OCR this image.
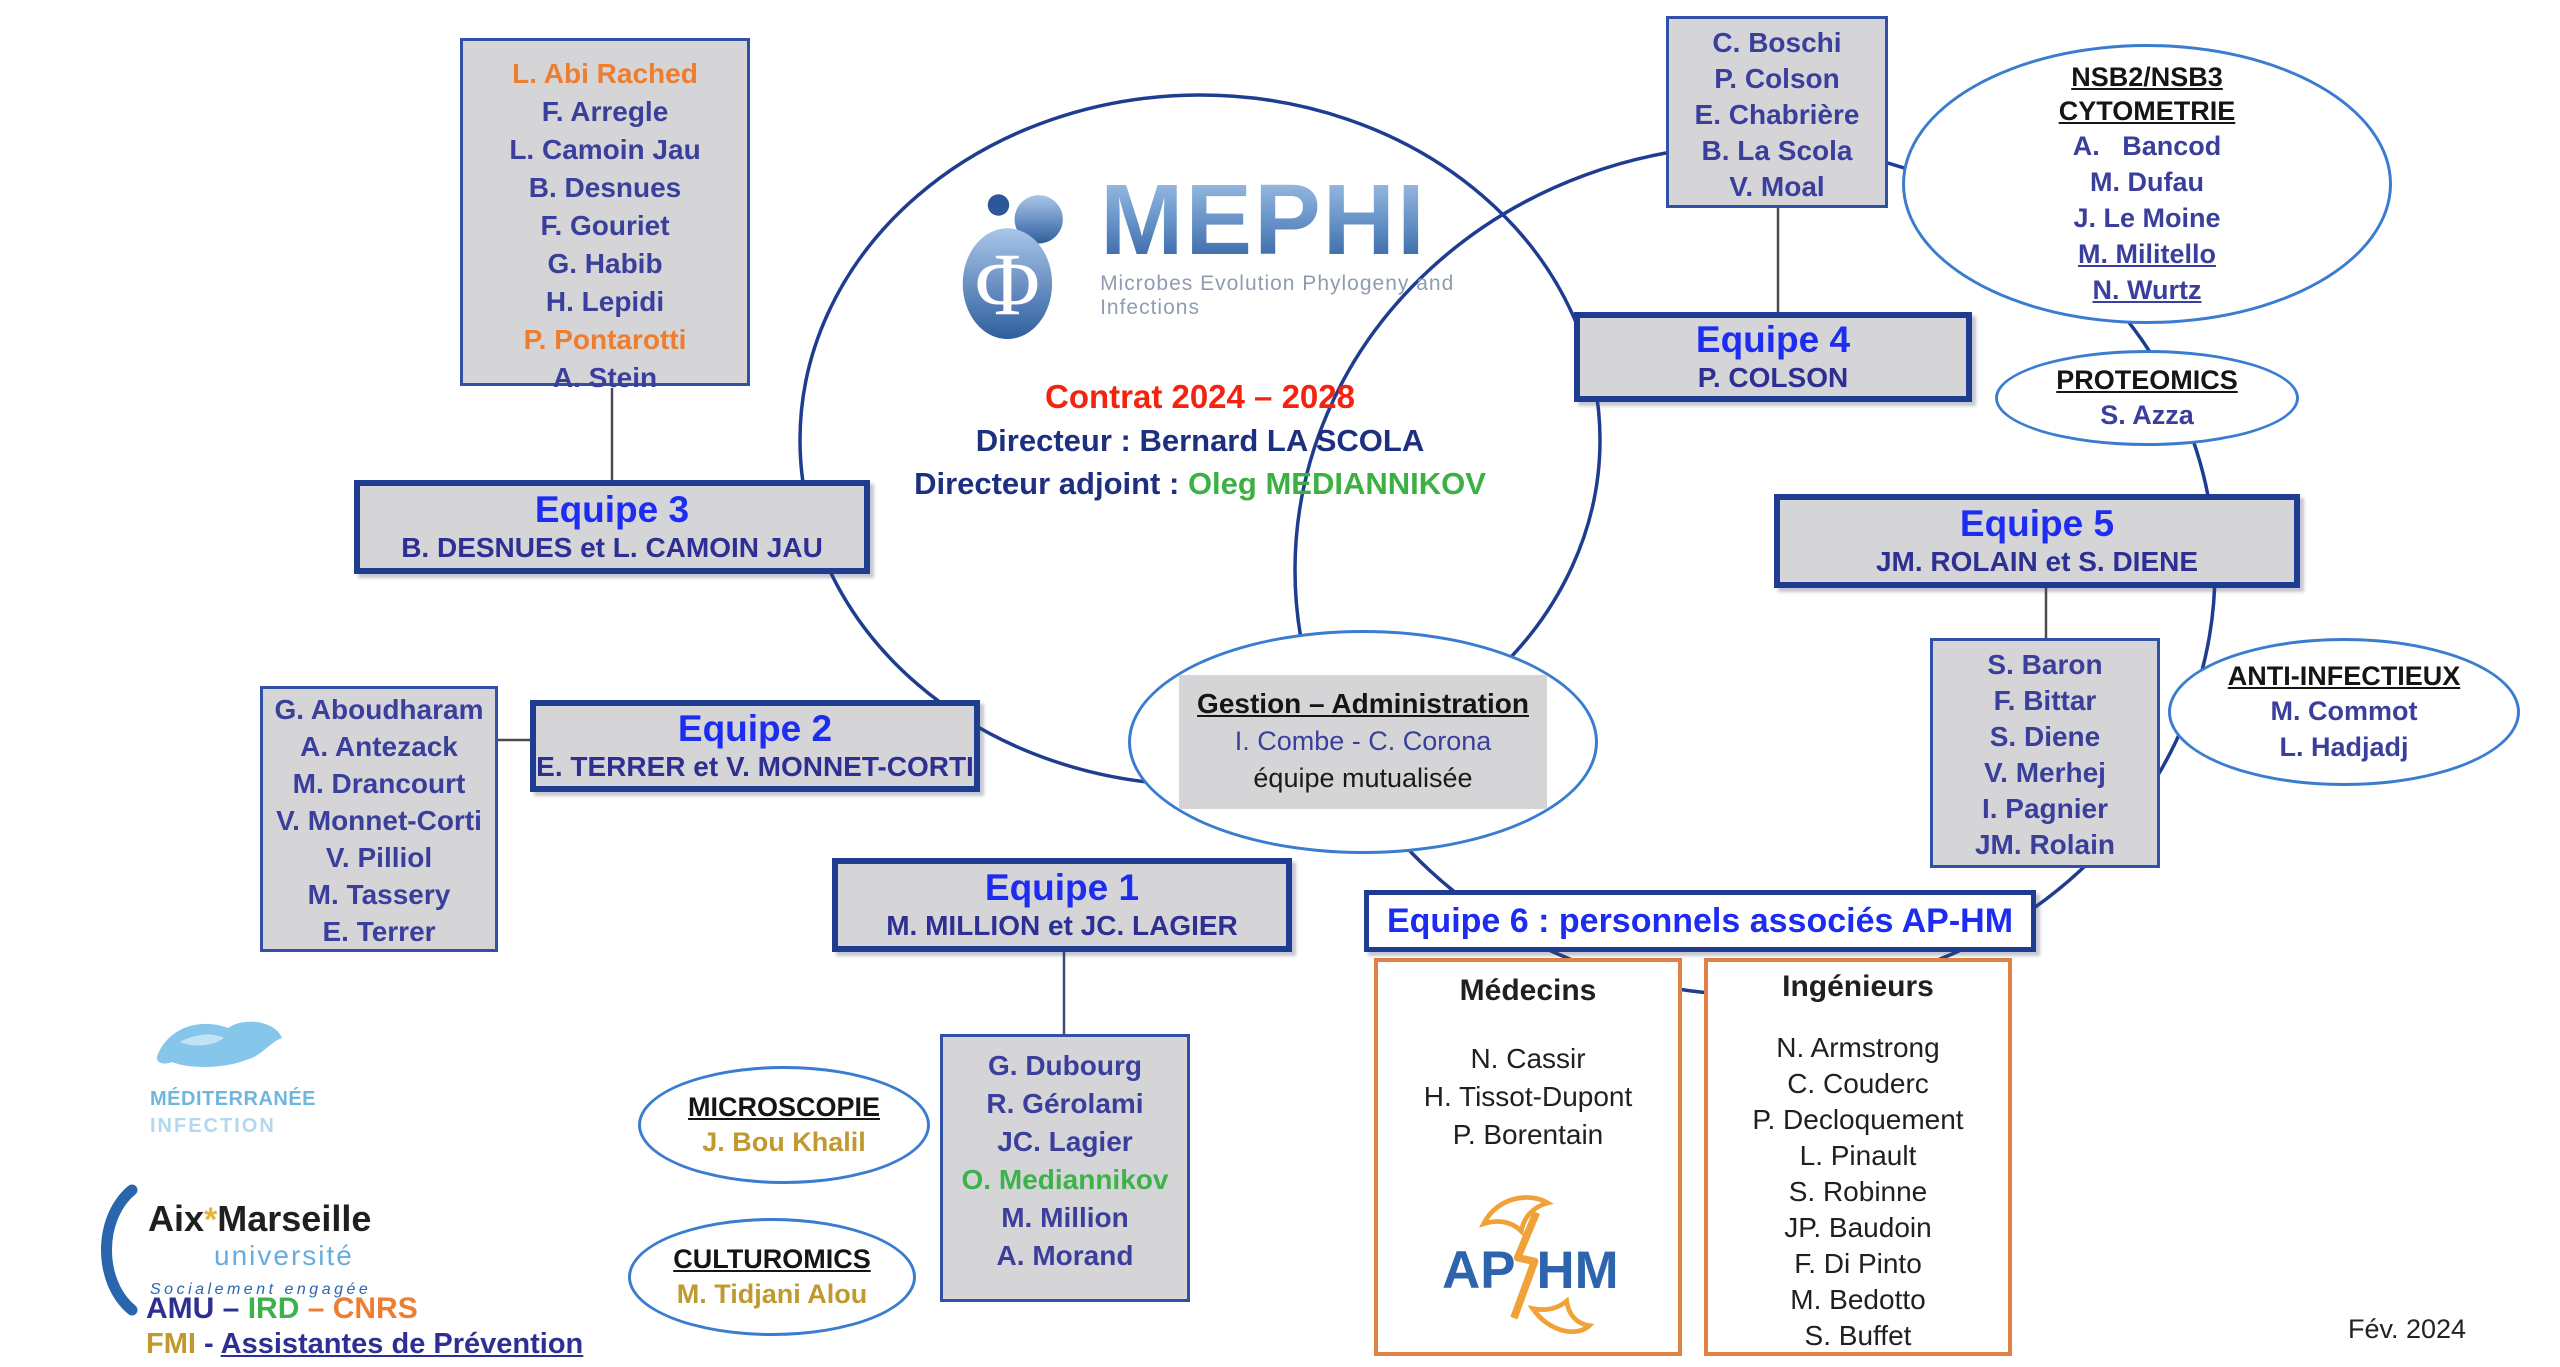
Φ
MEPHI
Microbes Evolution Phylogeny and Infections
Contrat 2024 – 2028
Directeur : Bernard LA SCOLA
Directeur adjoint : Oleg MEDIANNIKOV
L. Abi Rached
F. Arregle
L. Camoin Jau
B. Desnues
F. Gouriet
G. Habib
H. Lepidi
P. Pontarotti
A. Stein
C. Boschi
P. Colson
E. Chabrière
B. La Scola
V. Moal
G. Aboudharam
A. Antezack
M. Drancourt
V. Monnet-Corti
V. Pilliol
M. Tassery
E. Terrer
S. Baron
F. Bittar
S. Diene
V. Merhej
I. Pagnier
JM. Rolain
G. Dubourg
R. Gérolami
JC. Lagier
O. Mediannikov
M. Million
A. Morand
Equipe 3
B. DESNUES et L. CAMOIN JAU
Equipe 2
E. TERRER et V. MONNET-CORTI
Equipe 1
M. MILLION et JC. LAGIER
Equipe 4
P. COLSON
Equipe 5
JM. ROLAIN et S. DIENE
Equipe 6 : personnels associés AP-HM
Médecins
N. Cassir
H. Tissot-Dupont
P. Borentain
AP HM
Ingénieurs
N. Armstrong
C. Couderc
P. Decloquement
L. Pinault
S. Robinne
JP. Baudoin
F. Di Pinto
M. Bedotto
S. Buffet
NSB2/NSB3
CYTOMETRIE
A.   Bancod
M. Dufau
J. Le Moine
M. Militello
N. Wurtz
PROTEOMICS
S. Azza
ANTI-INFECTIEUX
M. Commot
L. Hadjadj
MICROSCOPIE
J. Bou Khalil
CULTUROMICS
M. Tidjani Alou
Gestion – Administration
I. Combe - C. Corona
équipe mutualisée
MÉDITERRANÉE
INFECTION
Aix*Marseille
université
Socialement engagée
AMU – IRD – CNRS
FMI - Assistantes de Prévention	Fév. 2024
